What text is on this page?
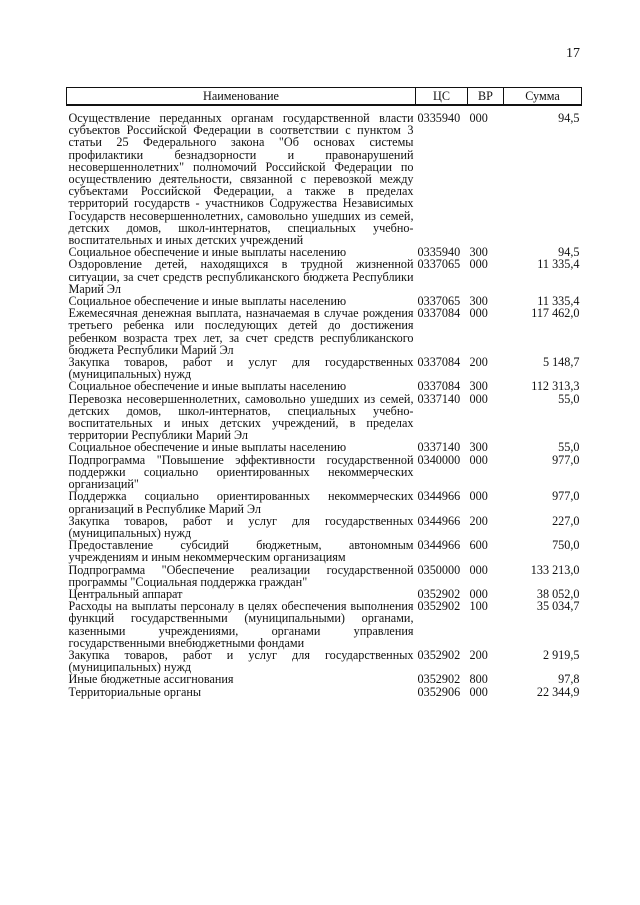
17
Наименование	ЦС	ВР	Сумма
Осуществление переданных органам государственной власти субъектов Российской Федерации в соответствии с пунктом 3 статьи 25 Федерального закона "Об основах системы профилактики безнадзорности и правонарушений несовершеннолетних" полномочий Российской Федерации по осуществлению деятельности, связанной с перевозкой между субъектами Российской Федерации, а также в пределах территорий государств - участников Содружества Независимых Государств несовершеннолетних, самовольно ушедших из семей, детских домов, школ-интернатов, специальных учебно-воспитательных и иных детских учреждений	0335940	000	94,5
Социальное обеспечение и иные выплаты населению	0335940	300	94,5
Оздоровление детей, находящихся в трудной жизненной ситуации, за счет средств республиканского бюджета Республики Марий Эл	0337065	000	11 335,4
Социальное обеспечение и иные выплаты населению	0337065	300	11 335,4
Ежемесячная денежная выплата, назначаемая в случае рождения третьего ребенка или последующих детей до достижения ребенком возраста трех лет, за счет средств республиканского бюджета Республики Марий Эл	0337084	000	117 462,0
Закупка товаров, работ и услуг для государственных (муниципальных) нужд	0337084	200	5 148,7
Социальное обеспечение и иные выплаты населению	0337084	300	112 313,3
Перевозка несовершеннолетних, самовольно ушедших из семей, детских домов, школ-интернатов, специальных учебно-воспитательных и иных детских учреждений, в пределах территории Республики Марий Эл	0337140	000	55,0
Социальное обеспечение и иные выплаты населению	0337140	300	55,0
Подпрограмма "Повышение эффективности государственной поддержки социально ориентированных некоммерческих организаций"	0340000	000	977,0
Поддержка социально ориентированных некоммерческих организаций в Республике Марий Эл	0344966	000	977,0
Закупка товаров, работ и услуг для государственных (муниципальных) нужд	0344966	200	227,0
Предоставление субсидий бюджетным, автономным учреждениям и иным некоммерческим организациям	0344966	600	750,0
Подпрограмма "Обеспечение реализации государственной программы "Социальная поддержка граждан"	0350000	000	133 213,0
Центральный аппарат	0352902	000	38 052,0
Расходы на выплаты персоналу в целях обеспечения выполнения функций государственными (муниципальными) органами, казенными учреждениями, органами управления государственными внебюджетными фондами	0352902	100	35 034,7
Закупка товаров, работ и услуг для государственных (муниципальных) нужд	0352902	200	2 919,5
Иные бюджетные ассигнования	0352902	800	97,8
Территориальные органы	0352906	000	22 344,9
